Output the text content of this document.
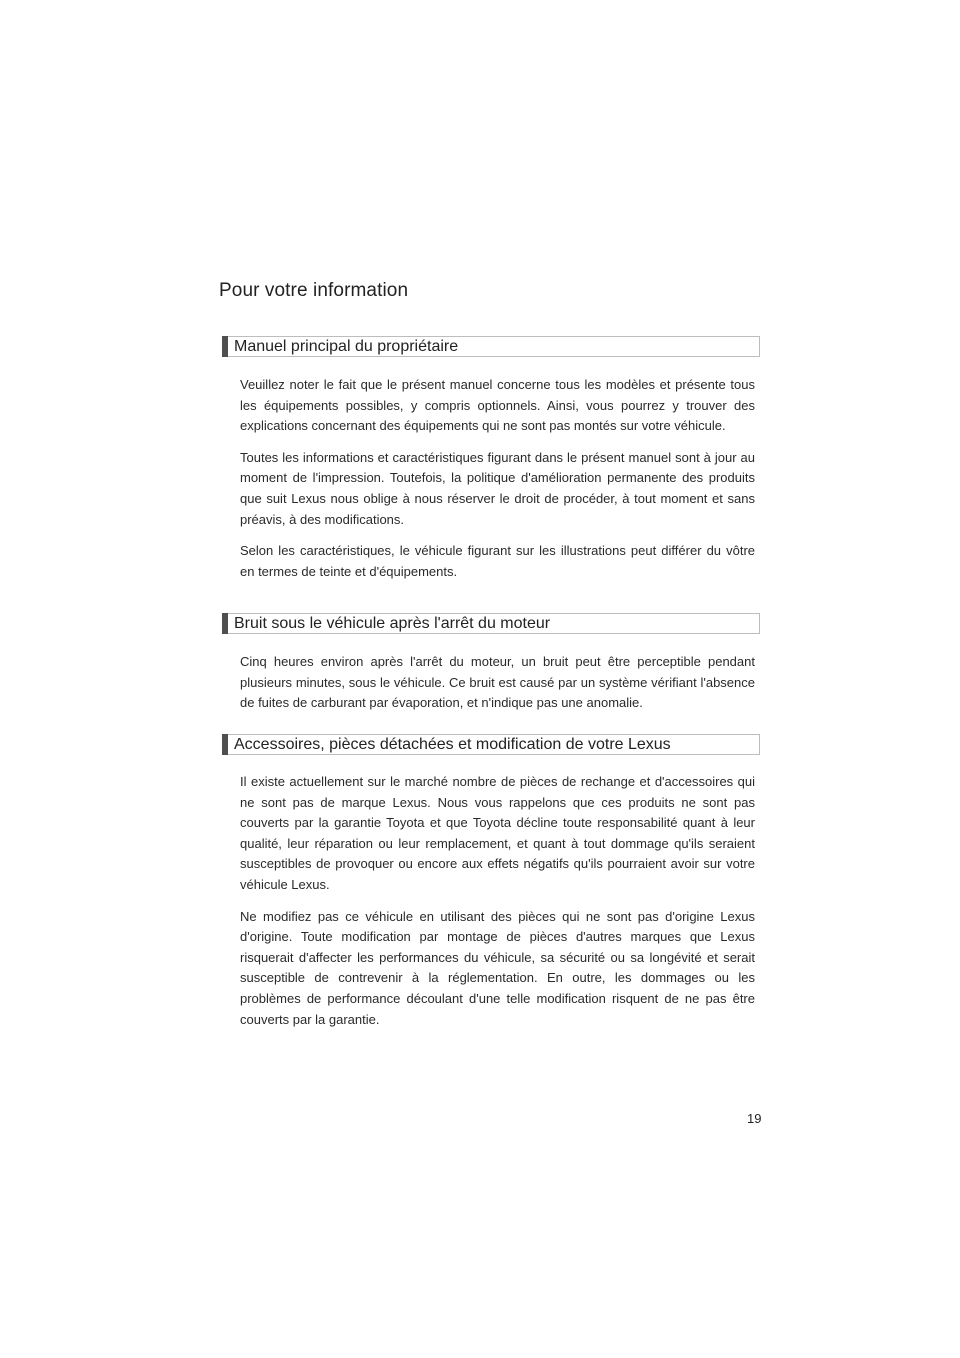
Pour votre information
Manuel principal du propriétaire

Veuillez noter le fait que le présent manuel concerne tous les modèles et présente tous les équipements possibles, y compris optionnels. Ainsi, vous pourrez y trouver des explications concernant des équipements qui ne sont pas montés sur votre véhicule.

Toutes les informations et caractéristiques figurant dans le présent manuel sont à jour au moment de l'impression. Toutefois, la politique d'amélioration permanente des produits que suit Lexus nous oblige à nous réserver le droit de procéder, à tout moment et sans préavis, à des modifications.

Selon les caractéristiques, le véhicule figurant sur les illustrations peut différer du vôtre en termes de teinte et d'équipements.

Bruit sous le véhicule après l'arrêt du moteur

Cinq heures environ après l'arrêt du moteur, un bruit peut être perceptible pendant plusieurs minutes, sous le véhicule. Ce bruit est causé par un système vérifiant l'absence de fuites de carburant par évaporation, et n'indique pas une anomalie.

Accessoires, pièces détachées et modification de votre Lexus

Il existe actuellement sur le marché nombre de pièces de rechange et d'accessoires qui ne sont pas de marque Lexus. Nous vous rappelons que ces produits ne sont pas couverts par la garantie Toyota et que Toyota décline toute responsabilité quant à leur qualité, leur réparation ou leur remplacement, et quant à tout dommage qu'ils seraient susceptibles de provoquer ou encore aux effets négatifs qu'ils pourraient avoir sur votre véhicule Lexus.

Ne modifiez pas ce véhicule en utilisant des pièces qui ne sont pas d'origine Lexus d'origine. Toute modification par montage de pièces d'autres marques que Lexus risquerait d'affecter les performances du véhicule, sa sécurité ou sa longévité et serait susceptible de contrevenir à la réglementation. En outre, les dommages ou les problèmes de performance découlant d'une telle modification risquent de ne pas être couverts par la garantie.

19
